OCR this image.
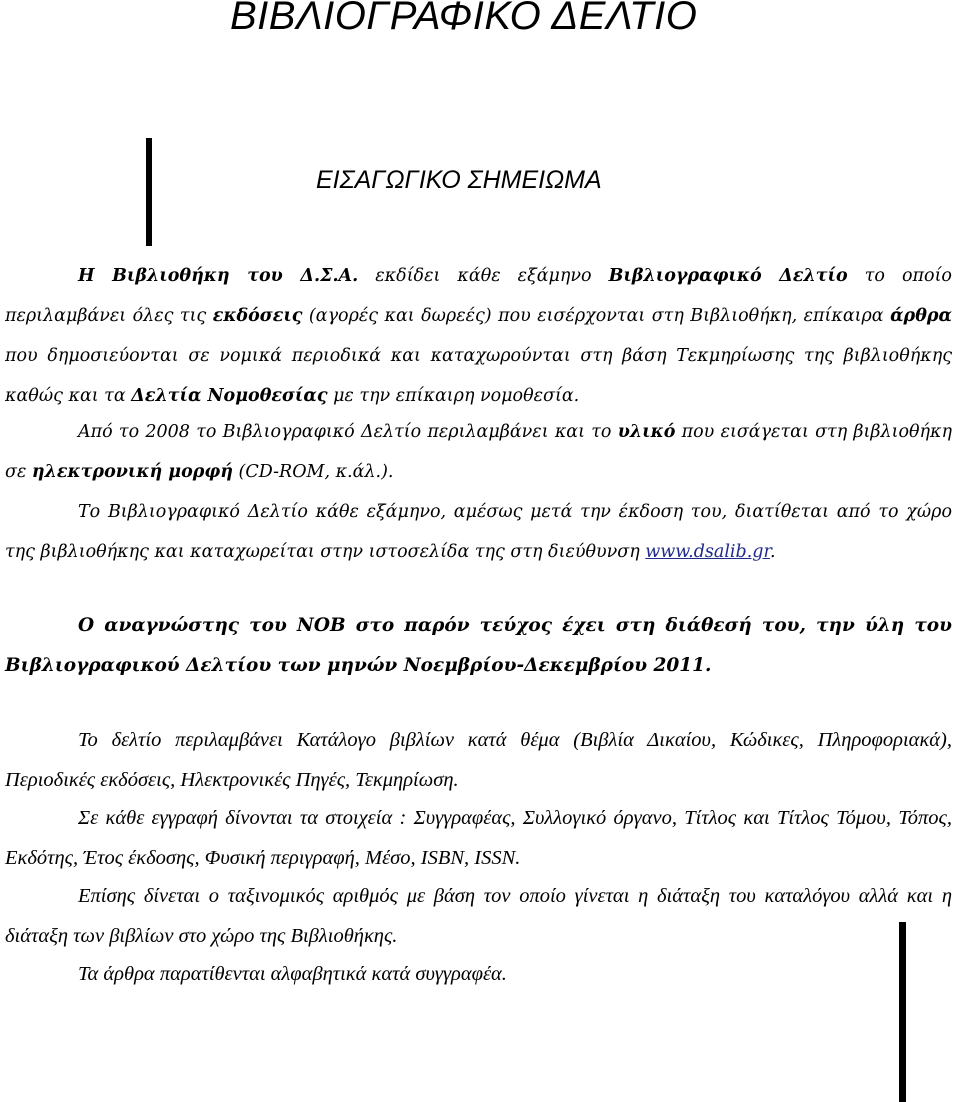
ΒΙΒΛΙΟΓΡΑΦΙΚΟ ΔΕΛΤΙΟ
ΕΙΣΑΓΩΓΙΚΟ ΣΗΜΕΙΩΜΑ

Η Βιβλιοθήκη του Δ.Σ.Α. εκδίδει κάθε εξάμηνο Βιβλιογραφικό Δελτίο το οποίο περιλαμβάνει όλες τις εκδόσεις (αγορές και δωρεές) που εισέρχονται στη Βιβλιοθήκη, επίκαιρα άρθρα που δημοσιεύονται σε νομικά περιοδικά και καταχωρούνται στη βάση Τεκμηρίωσης της βιβλιοθήκης καθώς και τα Δελτία Νομοθεσίας με την επίκαιρη νομοθεσία.

Από το 2008 το Βιβλιογραφικό Δελτίο περιλαμβάνει και το υλικό που εισάγεται στη βιβλιοθήκη σε ηλεκτρονική μορφή (CD-ROM, κ.άλ.).

Το Βιβλιογραφικό Δελτίο κάθε εξάμηνο, αμέσως μετά την έκδοση του, διατίθεται από το χώρο της βιβλιοθήκης και καταχωρείται στην ιστοσελίδα της στη διεύθυνση www.dsalib.gr.

Ο αναγνώστης του ΝΟΒ στο παρόν τεύχος έχει στη διάθεσή του, την ύλη του Βιβλιογραφικού Δελτίου των μηνών Νοεμβρίου-Δεκεμβρίου 2011.

Το δελτίο περιλαμβάνει Κατάλογο βιβλίων κατά θέμα (Βιβλία Δικαίου, Κώδικες, Πληροφοριακά), Περιοδικές εκδόσεις, Ηλεκτρονικές Πηγές, Τεκμηρίωση.

Σε κάθε εγγραφή δίνονται τα στοιχεία : Συγγραφέας, Συλλογικό όργανο, Τίτλος και Τίτλος Τόμου, Τόπος, Εκδότης, Έτος έκδοσης, Φυσική περιγραφή, Μέσο, ISBN, ISSN.

Επίσης δίνεται ο ταξινομικός αριθμός με βάση τον οποίο γίνεται η διάταξη του καταλόγου αλλά και η διάταξη των βιβλίων στο χώρο της Βιβλιοθήκης.

Τα άρθρα παρατίθενται αλφαβητικά κατά συγγραφέα.
